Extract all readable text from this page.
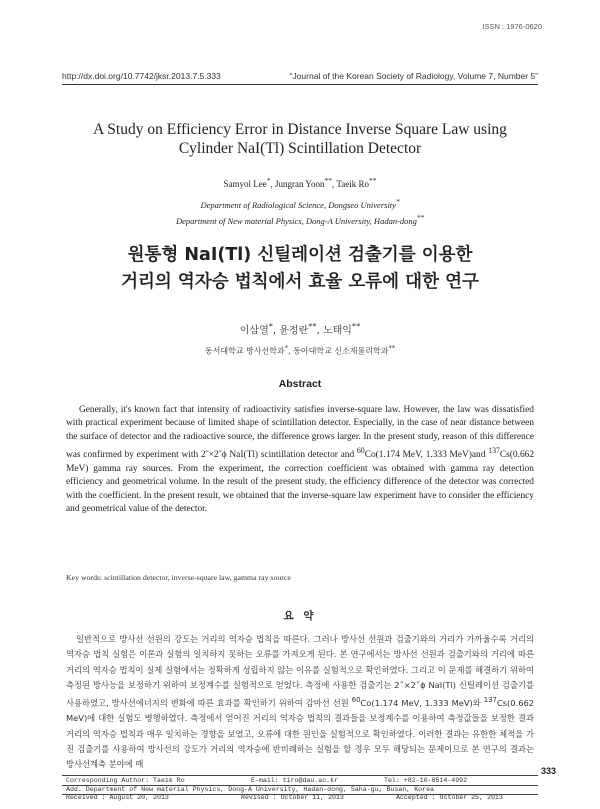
ISSN : 1976-0620
http://dx.doi.org/10.7742/jksr.2013.7.5.333	“Journal of the Korean Society of Radiology, Volume 7, Number 5”
A Study on Efficiency Error in Distance Inverse Square Law using
Cylinder NaI(Tl) Scintillation Detector
Samyol Lee*, Jungran Yoon**, Taeik Ro**
Department of Radiological Science, Dongseo University*
Department of New material Physics, Dong-A University, Hadan-dong**
원통형 NaI(Tl) 신틸레이션 검출기를 이용한
거리의 역자승 법칙에서 효율 오류에 대한 연구
이삼열*, 윤정란**, 노태익**
동서대학교 방사선학과*, 동아대학교 신소재물리학과**
Abstract

Generally, it's known fact that intensity of radioactivity satisfies inverse-square law. However, the law was dissatisfied with practical experiment because of limited shape of scintillation detector. Especially, in the case of near distance between the surface of detector and the radioactive source, the difference grows larger. In the present study, reason of this difference was confirmed by experiment with 2˝×2˝ϕ NaI(Tl) scintillation detector and $^{60}$Co(1.174 MeV, 1.333 MeV)and $^{137}$Cs(0.662 MeV) gamma ray sources. From the experiment, the correction coefficient was obtained with gamma ray detection efficiency and geometrical volume. In the result of the present study, the efficiency difference of the detector was corrected with the coefficient. In the present result, we obtained that the inverse-square law experiment have to consider the efficiency and geometrical value of the detector.

Key words: scintillation detector, inverse-square law, gamma ray source
요 약

일반적으로 방사선 선원의 강도는 거리의 역자승 법칙을 따른다. 그러나 방사선 선원과 검출기와의 거리가 가까울수록 거리의 역자승 법칙 실험은 이론과 실험의 일치하지 못하는 오류를 가져오게 된다. 본 연구에서는 방사선 선원과 검출기와의 거리에 따른 거리의 역자승 법칙이 실제 실험에서는 정확하게 성립하지 않는 이유를 실험적으로 확인하였다. 그리고 이 문제를 해결하기 위하여 측정된 방사능을 보정하기 위하여 보정계수를 실험적으로 얻었다. 측정에 사용한 검출기는 2˝×2˝ϕ NaI(Tl) 신틸레이션 검출기를 사용하였고, 방사선에너지의 변화에 따른 효과를 확인하기 위하여 감마선 선원 $^{60}$Co(1.174 MeV, 1.333 MeV)와 $^{137}$Cs(0.662 MeV)에 대한 실험도 병행하였다. 측정에서 얻어진 거리의 역자승 법칙의 결과들을 보정계수를 이용하여 측정값들을 보정한 결과 거리의 역자승 법칙과 매우 일치하는 경향을 보였고, 오류에 대한 원인을 실험적으로 확인하였다. 이러한 결과는 유한한 체적을 가진 검출기를 사용하여 방사선의 강도가 거리의 역자승에 반비례하는 실험을 할 경우 모두 해당되는 문제이므로 본 연구의 결과는 방사선계측 분야에 매

333
Corresponding Author: Taeik Ro	E-mail: tiro@dau.ac.kr	Tel: +82-10-8514-4992
Add. Department of New material Physics, Dong-A University, Hadan-dong, Saha-gu, Busan, Korea
Received : August 20, 2013	Revised : October 11, 2013	Accepted : October 25, 2013
